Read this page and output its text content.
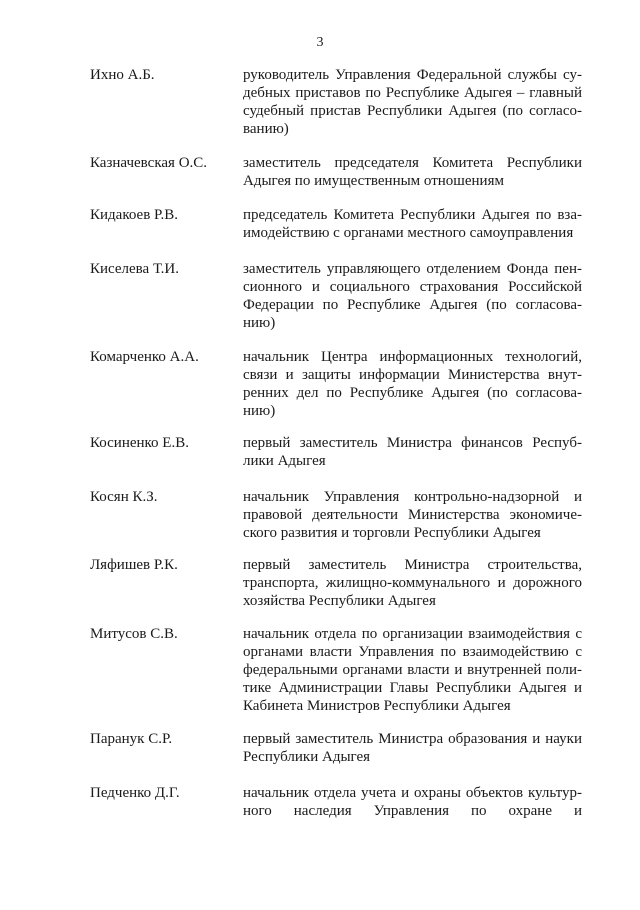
3
Ихно А.Б.	руководитель Управления Федеральной службы су-
дебных приставов по Республике Адыгея – главный
судебный пристав Республики Адыгея (по согласо-
ванию)
Казначевская О.С. заместитель председателя Комитета Республики
Адыгея по имущественным отношениям
Кидакоев Р.В.	председатель Комитета Республики Адыгея по вза-
имодействию с органами местного самоуправления
Киселева Т.И.	заместитель управляющего отделением Фонда пен-
сионного и социального страхования Российской
Федерации по Республике Адыгея (по согласова-
нию)
Комарченко А.А.	начальник Центра информационных технологий,
связи и защиты информации Министерства внут-
ренних дел по Республике Адыгея (по согласова-
нию)
Косиненко Е.В.	первый заместитель Министра финансов Респуб-
лики Адыгея
Косян К.З.	начальник Управления контрольно-надзорной и
правовой деятельности Министерства экономиче-
ского развития и торговли Республики Адыгея
Ляфишев Р.К.	первый заместитель Министра строительства,
транспорта, жилищно-коммунального и дорожного
хозяйства Республики Адыгея
Митусов С.В.	начальник отдела по организации взаимодействия с
органами власти Управления по взаимодействию с
федеральными органами власти и внутренней поли-
тике Администрации Главы Республики Адыгея и
Кабинета Министров Республики Адыгея
Паранук С.Р.	первый заместитель Министра образования и науки
Республики Адыгея
Педченко Д.Г.	начальник отдела учета и охраны объектов культур-
ного наследия Управления по охране и
